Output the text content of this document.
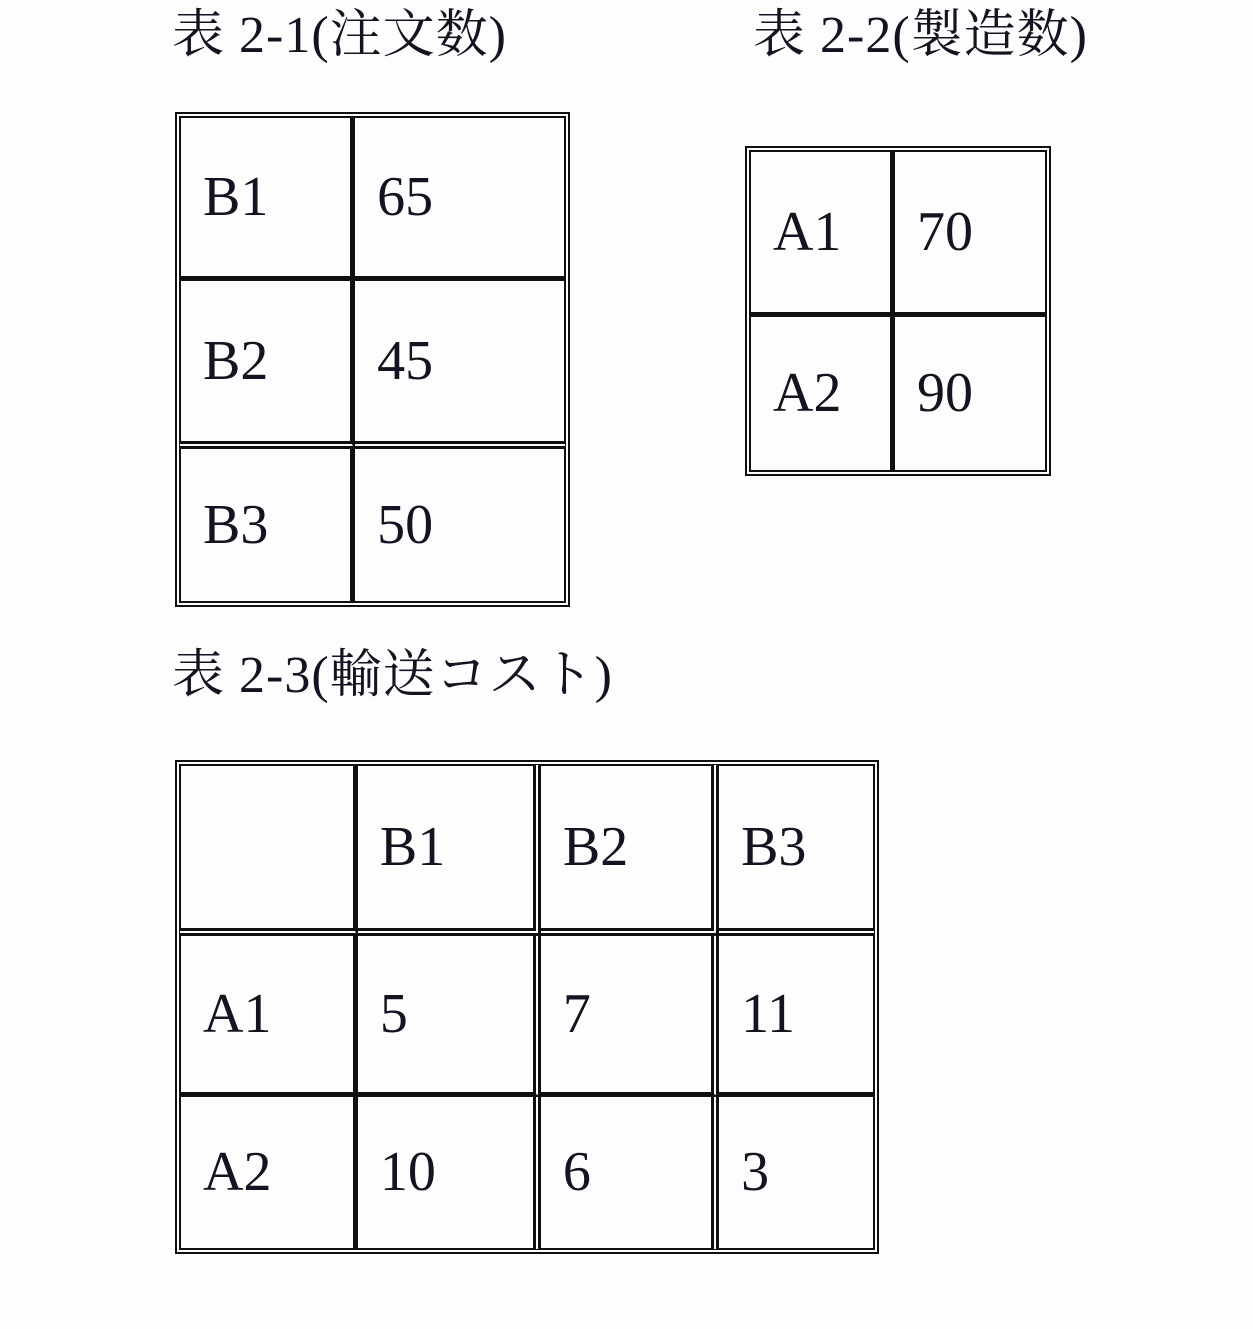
表 2-1(注文数)	表 2-2(製造数)
表 2-3(輸送コスト)
B1	65
B2	45
B3	50
A1	70
A2	90
	B1	B2	B3
A1	5	7	11
A2	10	6	3
